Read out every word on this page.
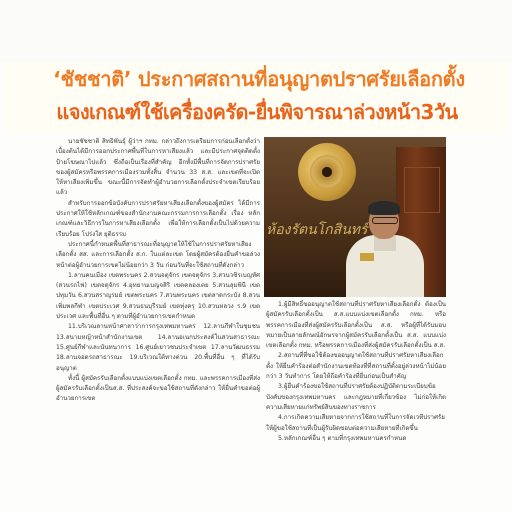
‘ชัชชาติ’ ประกาศสถานที่อนุญาตปราศรัยเลือกตั้ง
แจงเกณฑ์ใช้เครื่องครัด-ยื่นพิจารณาล่วงหน้า3วัน

นายชัชชาติ สิทธิพันธุ์ ผู้ว่าฯ กทม. กล่าวถึงการเตรียมการก่อนเลือกตั้งว่า เบื้องต้นได้มีการออกประกาศพื้นที่ในการหาเสียงแล้ว และมีประกาศจุดติดตั้งป้ายโฆษณาไปแล้ว ซึ่งถือเป็นเรื่องที่สำคัญ อีกทั้งมีพื้นที่การจัดการปราศรัยของผู้สมัครหรือพรรคการเมืองรวมทั้งสิ้น จำนวน 33 ส.ส. และเขตที่จะเปิดให้หาเสียงเพิ่มขึ้น ขณะนี้มีการจัดทำผู้อำนวยการเลือกตั้งประจำเขตเรียบร้อยแล้ว

สำหรับการออกข้อบังคับการปราศรัยหาเสียงเลือกตั้งของผู้สมัคร ได้มีการประกาศให้ใช้หลักเกณฑ์ของสำนักงานคณะกรรมการการเลือกตั้ง เรื่อง หลักเกณฑ์และวิธีการในการหาเสียงเลือกตั้ง เพื่อให้การเลือกตั้งเป็นไปด้วยความเรียบร้อย โปร่งใส ยุติธรรม

ประกาศนี้กำหนดพื้นที่สาธารณะที่อนุญาตให้ใช้ในการปราศรัยหาเสียงเลือกตั้ง สส. และการเลือกตั้ง ส.ก. ในแต่ละเขต โดยผู้สมัครต้องยื่นคำขอล่วงหน้าต่อผู้อำนวยการเขตไม่น้อยกว่า 3 วัน ก่อนวันที่จะใช้สถานที่ดังกล่าว

1.ลานคนเมือง เขตพระนคร 2.สวนจตุจักร เขตจตุจักร 3.สวนวชิรเบญทัศ (สวนรถไฟ) เขตจตุจักร 4.อุทยานเบญจสิริ เขตคลองเตย 5.สวนลุมพินี เขตปทุมวัน 6.สวนสราญรมย์ เขตพระนคร 7.สวนพระนคร เขตลาดกระบัง 8.สวนเพิ่มพลกีฬา เขตประเวศ 9.สวนธนบุรีรมย์ เขตทุ่งครุ 10.สวนหลวง ร.9 เขตประเวศ และพื้นที่อื่น ๆ ตามที่ผู้อำนวยการเขตกำหนด

11.บริเวณลานหน้าศาลาว่าการกรุงเทพมหานคร 12.ลานกีฬาในชุมชน 13.สนามหญ้าหน้าสำนักงานเขต 14.ลานอเนกประสงค์ในสวนสาธารณะ 15.ศูนย์กีฬาและนันทนาการ 16.ศูนย์เยาวชนประจำเขต 17.ลานวัฒนธรรม 18.ลานจอดรถสาธารณะ 19.บริเวณใต้ทางด่วน 20.พื้นที่อื่น ๆ ที่ได้รับอนุญาต

ทั้งนี้ ผู้สมัครรับเลือกตั้งแบบแบ่งเขตเลือกตั้ง กทม. และพรรคการเมืองที่ส่งผู้สมัครรับเลือกตั้งเป็นส.ส. ที่ประสงค์จะขอใช้สถานที่ดังกล่าว ให้ยื่นคำขอต่อผู้อำนวยการเขต

ห้องรัตนโกสินทร์

1.ผู้มีสิทธิ์ขออนุญาตใช้สถานที่ปราศรัยหาเสียงเลือกตั้ง ต้องเป็นผู้สมัครรับเลือกตั้งเป็น ส.ส.แบบแบ่งเขตเลือกตั้ง กทม. หรือพรรคการเมืองที่ส่งผู้สมัครรับเลือกตั้งเป็น ส.ส. หรือผู้ที่ได้รับมอบหมายเป็นลายลักษณ์อักษรจากผู้สมัครรับเลือกตั้งเป็น ส.ส. แบบแบ่งเขตเลือกตั้ง กทม. หรือพรรคการเมืองที่ส่งผู้สมัครรับเลือกตั้งเป็น ส.ส.

2.สถานที่ที่ขอใช้ต้องขออนุญาตใช้สถานที่ปราศรัยหาเสียงเลือกตั้ง ให้ยื่นคำร้องต่อสำนักงานเขตท้องที่ที่สถานที่ตั้งอยู่ล่วงหน้าไม่น้อยกว่า 3 วันทำการ โดยให้ถือคำร้องที่ยื่นก่อนเป็นสำคัญ

3.ผู้ยื่นคำร้องขอใช้สถานที่ปราศรัยต้องปฏิบัติตามระเบียบข้อบังคับของกรุงเทพมหานคร และกฎหมายที่เกี่ยวข้อง ไม่ก่อให้เกิดความเสียหายแก่ทรัพย์สินของทางราชการ

4.การเกิดความเสียหายจากการใช้สถานที่ในการจัดเวทีปราศรัย ให้ผู้ขอใช้สถานที่เป็นผู้รับผิดชอบต่อความเสียหายที่เกิดขึ้น

5.หลักเกณฑ์อื่น ๆ ตามที่กรุงเทพมหานครกำหนด
